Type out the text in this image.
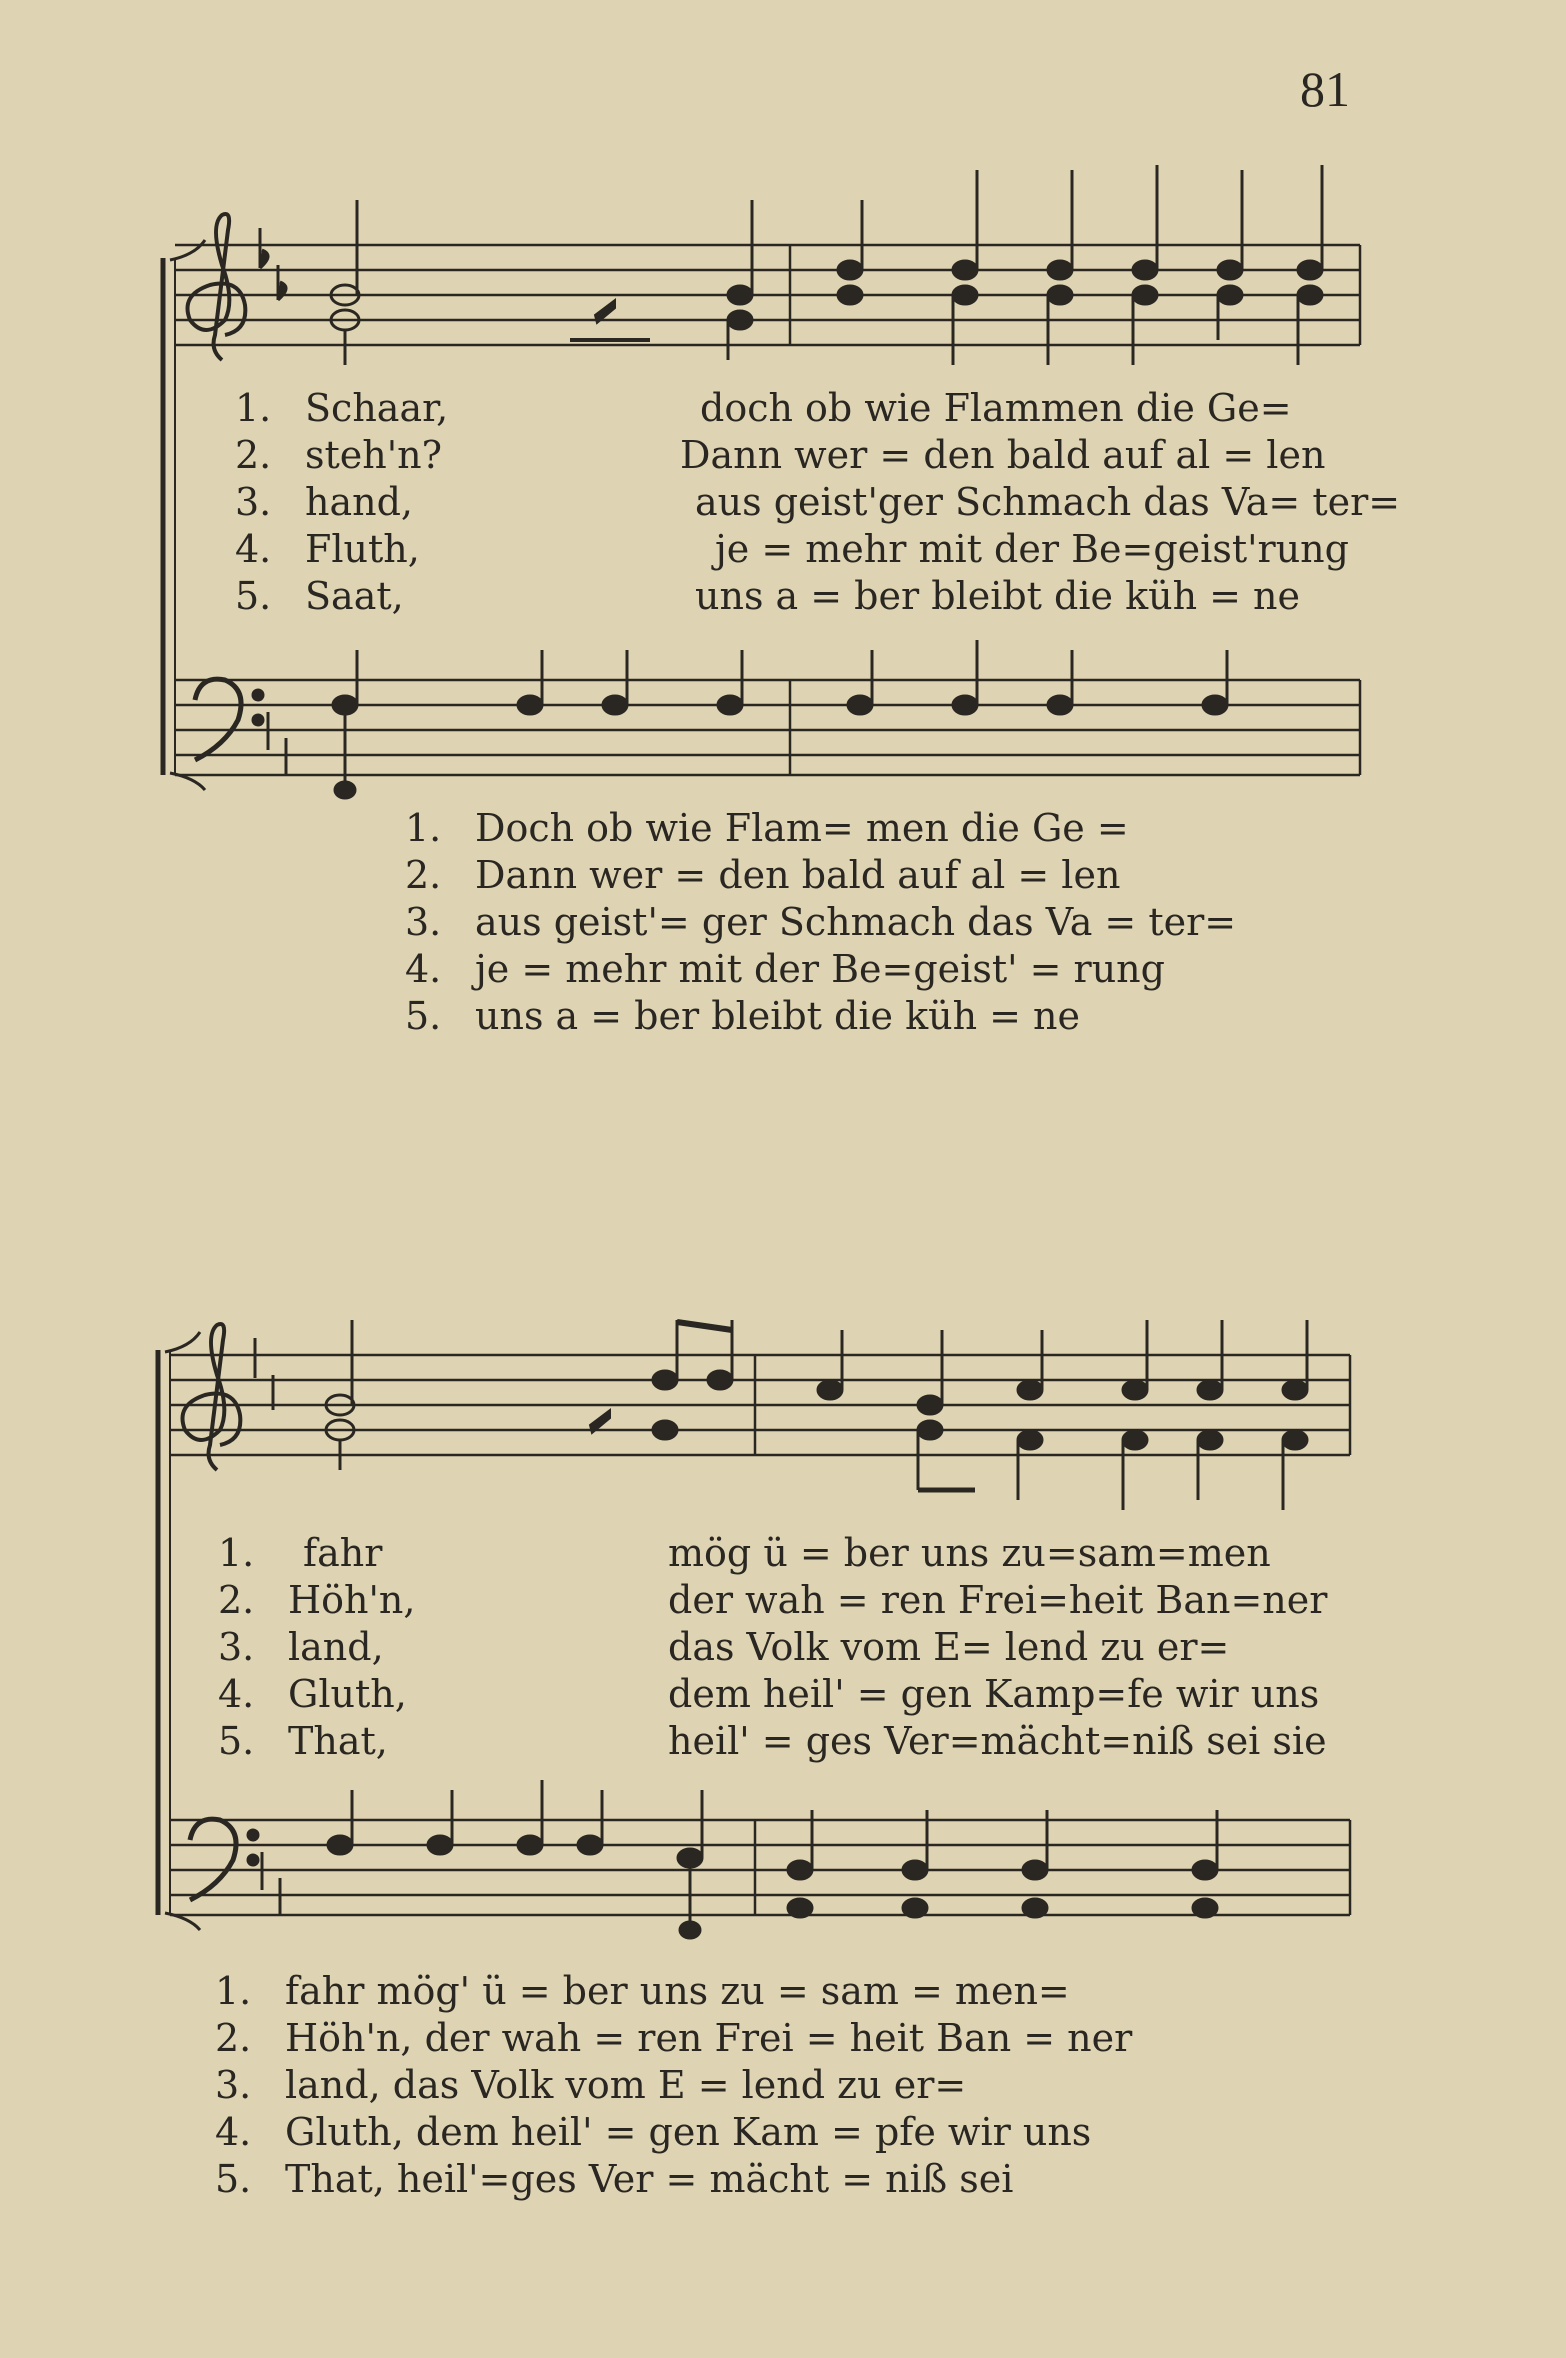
81
1. Schaar,	doch ob wie Flammen die Ge=
2. steh'n?	Dann wer = den bald auf al = len
3. hand,	aus geist'ger Schmach das Va= ter=
4. Fluth,	je = mehr mit der Be=geist'rung
5. Saat,	uns a = ber bleibt die küh = ne
1. Doch ob wie Flam= men die Ge =
2. Dann wer = den bald auf al = len
3. aus geist'= ger Schmach das Va = ter=
4. je = mehr mit der Be=geist' = rung
5. uns a = ber bleibt die küh = ne
1. fahr	mög ü = ber uns zu=sam=men
2. Höh'n,	der wah = ren Frei=heit Ban=ner
3. land,	das Volk vom E= lend zu er=
4. Gluth,	dem heil' = gen Kamp=fe wir uns
5. That,	heil' = ges Ver=mächt=niß sei sie
1. fahr mög' ü = ber uns zu = sam = men=
2. Höh'n, der wah = ren Frei = heit Ban = ner
3. land, das Volk vom E = lend zu er=
4. Gluth, dem heil' = gen Kam = pfe wir uns
5. That, heil'=ges Ver = mächt = niß sei
